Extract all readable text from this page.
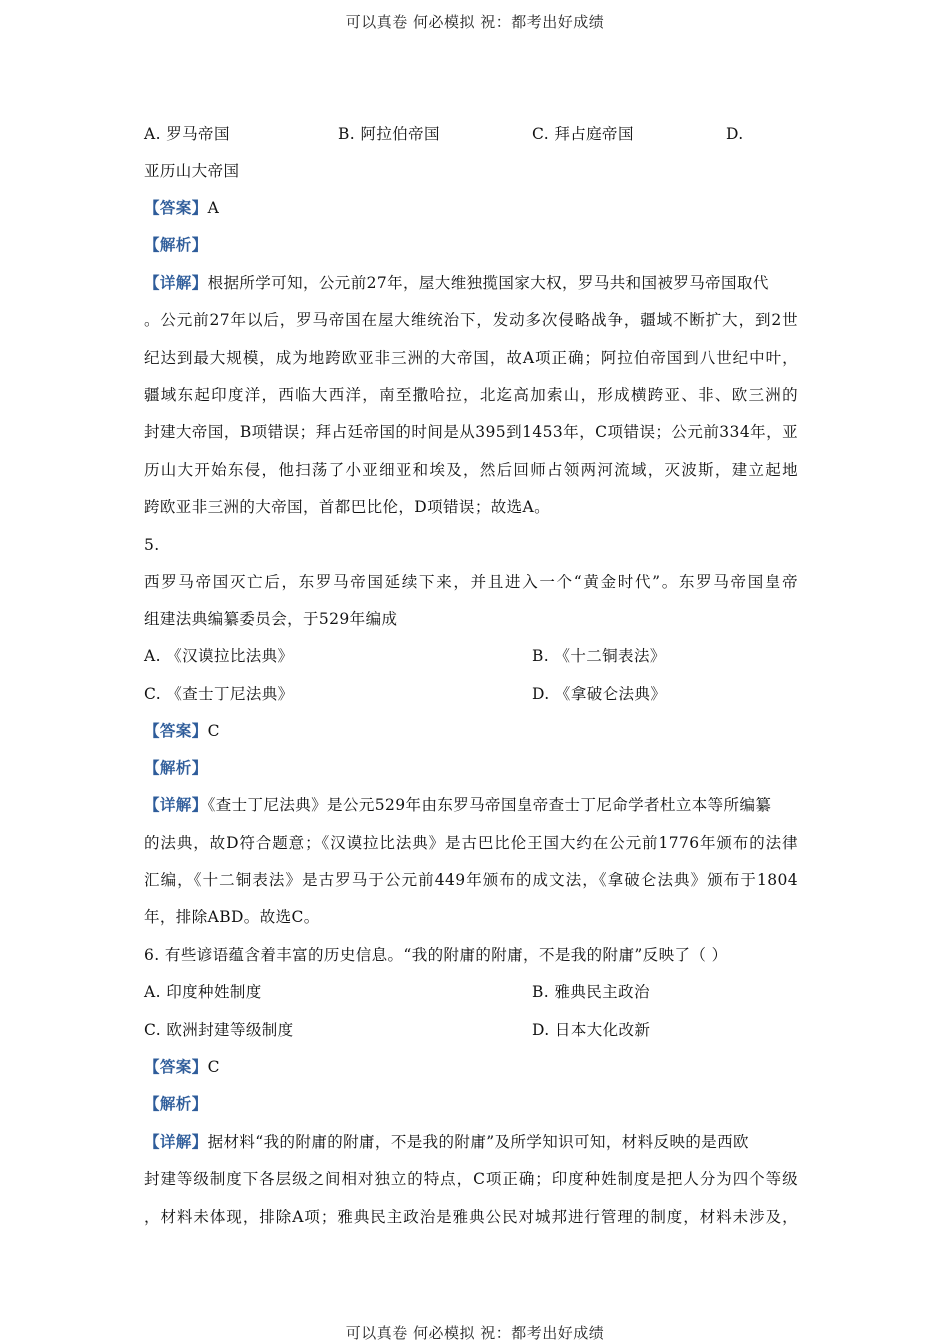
可以真卷 何必模拟 祝：都考出好成绩
A. 罗马帝国	B. 阿拉伯帝国	C. 拜占庭帝国	D.
亚历山大帝国
【答案】A
【解析】
【详解】根据所学可知，公元前27年，屋大维独揽国家大权，罗马共和国被罗马帝国取代
。公元前27年以后，罗马帝国在屋大维统治下，发动多次侵略战争，疆域不断扩大，到2世
纪达到最大规模，成为地跨欧亚非三洲的大帝国，故A项正确；阿拉伯帝国到八世纪中叶，
疆域东起印度洋，西临大西洋，南至撒哈拉，北迄高加索山，形成横跨亚、非、欧三洲的
封建大帝国，B项错误；拜占廷帝国的时间是从395到1453年，C项错误；公元前334年，亚
历山大开始东侵，他扫荡了小亚细亚和埃及，然后回师占领两河流域，灭波斯，建立起地
跨欧亚非三洲的大帝国，首都巴比伦，D项错误；故选A。
5.
西罗马帝国灭亡后，东罗马帝国延续下来，并且进入一个“黄金时代”。东罗马帝国皇帝
组建法典编纂委员会，于529年编成
A. 《汉谟拉比法典》	B. 《十二铜表法》
C. 《查士丁尼法典》	D. 《拿破仑法典》
【答案】C
【解析】
【详解】《查士丁尼法典》是公元529年由东罗马帝国皇帝查士丁尼命学者杜立本等所编纂
的法典，故D符合题意；《汉谟拉比法典》是古巴比伦王国大约在公元前1776年颁布的法律
汇编，《十二铜表法》是古罗马于公元前449年颁布的成文法，《拿破仑法典》颁布于1804
年，排除ABD。故选C。
6. 有些谚语蕴含着丰富的历史信息。“我的附庸的附庸，不是我的附庸”反映了（ ）
A. 印度种姓制度	B. 雅典民主政治
C. 欧洲封建等级制度	D. 日本大化改新
【答案】C
【解析】
【详解】据材料“我的附庸的附庸，不是我的附庸”及所学知识可知，材料反映的是西欧
封建等级制度下各层级之间相对独立的特点，C项正确；印度种姓制度是把人分为四个等级
，材料未体现，排除A项；雅典民主政治是雅典公民对城邦进行管理的制度，材料未涉及，
可以真卷 何必模拟 祝：都考出好成绩
